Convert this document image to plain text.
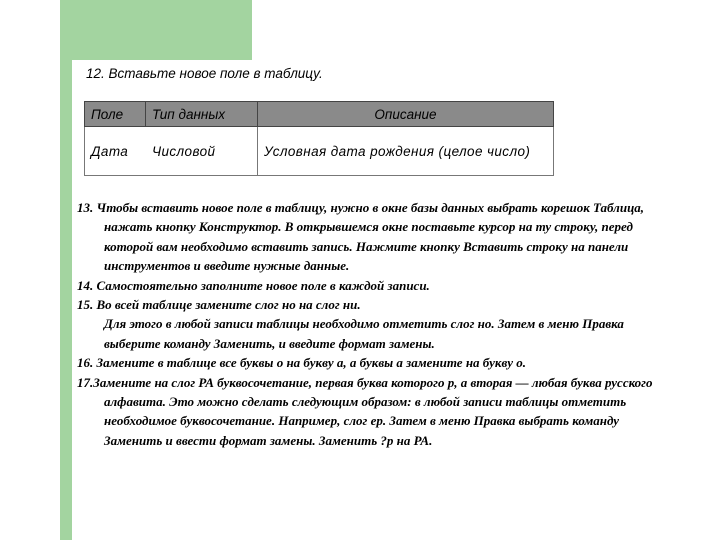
12. Вставьте новое поле в таблицу.

Поле	Тип данных	Описание
Дата	Числовой	Условная дата рождения (целое число)

13. Чтобы вставить новое поле в таблицу, нужно в окне базы данных выбрать корешок Таблица, нажать кнопку Конструктор. В открывшемся окне поставьте курсор на ту строку, перед которой вам необходимо вставить запись. Нажмите кнопку Вставить строку на панели инструментов и введите нужные данные.

14. Самостоятельно заполните новое поле в каждой записи.

15. Во всей таблице замените слог но на слог ни.

Для этого в любой записи таблицы необходимо отметить слог но. Затем в меню Правка выберите команду Заменить, и введите формат замены.

16. Замените в таблице все буквы о на букву а, а буквы а замените на букву о.

17.Замените на слог РА буквосочетание, первая буква которого р, а вторая — любая буква русского алфавита. Это можно сделать следующим образом: в любой записи таблицы отметить необходимое буквосочетание. Например, слог ер. Затем в меню Правка выбрать команду Заменить и ввести формат замены. Заменить ?р на РА.
